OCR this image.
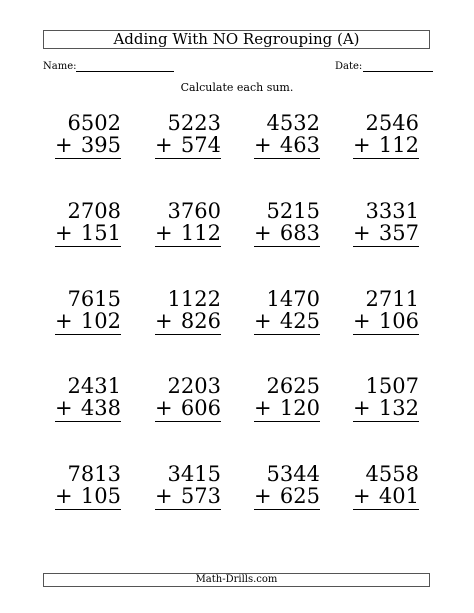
Adding With NO Regrouping (A)
Name:	Date:
Calculate each sum.
6502
+ 395
5223
+ 574
4532
+ 463
2546
+ 112
2708
+ 151
3760
+ 112
5215
+ 683
3331
+ 357
7615
+ 102
1122
+ 826
1470
+ 425
2711
+ 106
2431
+ 438
2203
+ 606
2625
+ 120
1507
+ 132
7813
+ 105
3415
+ 573
5344
+ 625
4558
+ 401
Math-Drills.com
